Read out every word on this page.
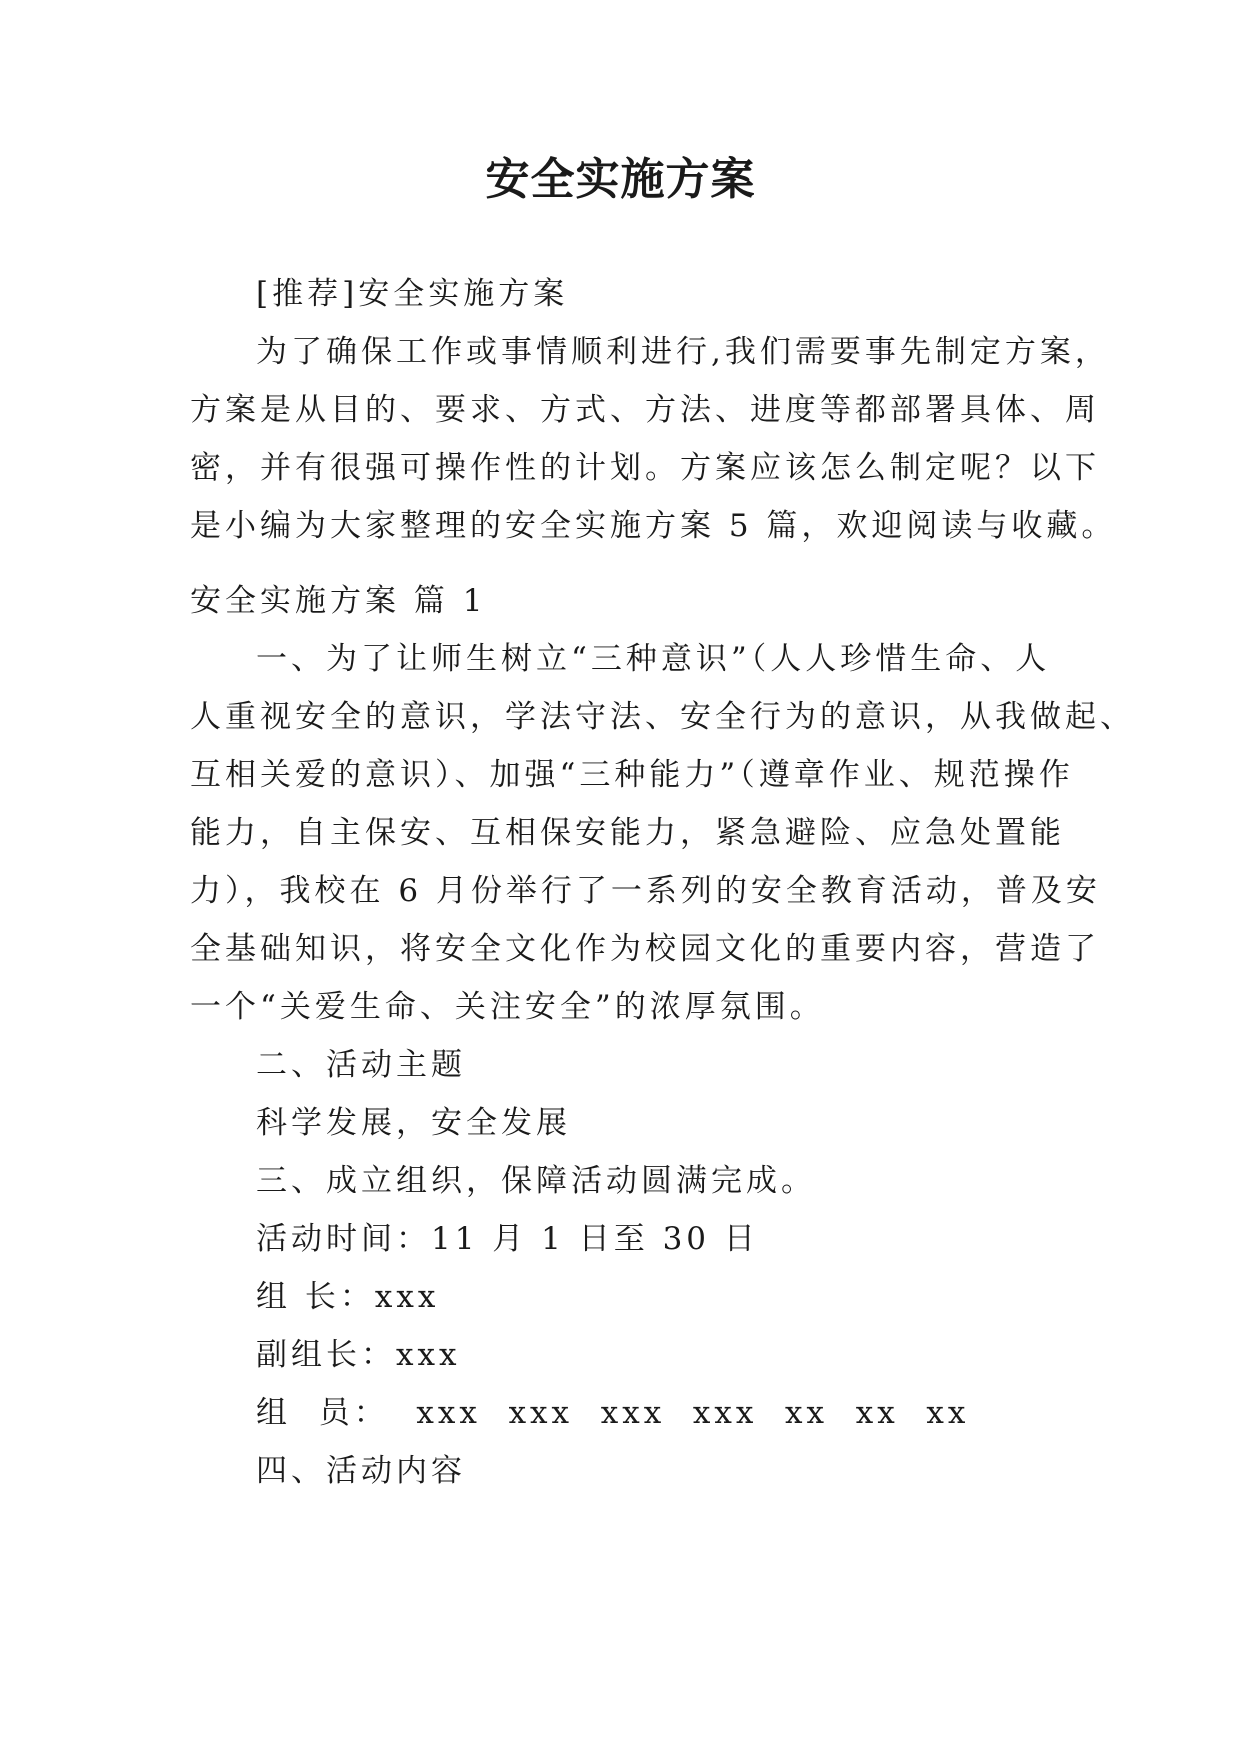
安全实施方案
[推荐]安全实施方案
为了确保工作或事情顺利进行,我们需要事先制定方案，
方案是从目的、要求、方式、方法、进度等都部署具体、周
密，并有很强可操作性的计划。方案应该怎么制定呢？以下
是小编为大家整理的安全实施方案 5 篇，欢迎阅读与收藏。
安全实施方案 篇 1
一、为了让师生树立“三种意识”（人人珍惜生命、人
人重视安全的意识，学法守法、安全行为的意识，从我做起、
互相关爱的意识）、加强“三种能力”（遵章作业、规范操作
能力，自主保安、互相保安能力，紧急避险、应急处置能
力），我校在 6 月份举行了一系列的安全教育活动，普及安
全基础知识，将安全文化作为校园文化的重要内容，营造了
一个“关爱生命、关注安全”的浓厚氛围。
二、活动主题
科学发展，安全发展
三、成立组织，保障活动圆满完成。
活动时间：11 月 1 日至 30 日
组 长：xxx
副组长：xxx
组  员：  xxx  xxx  xxx  xxx  xx  xx  xx
四、活动内容
